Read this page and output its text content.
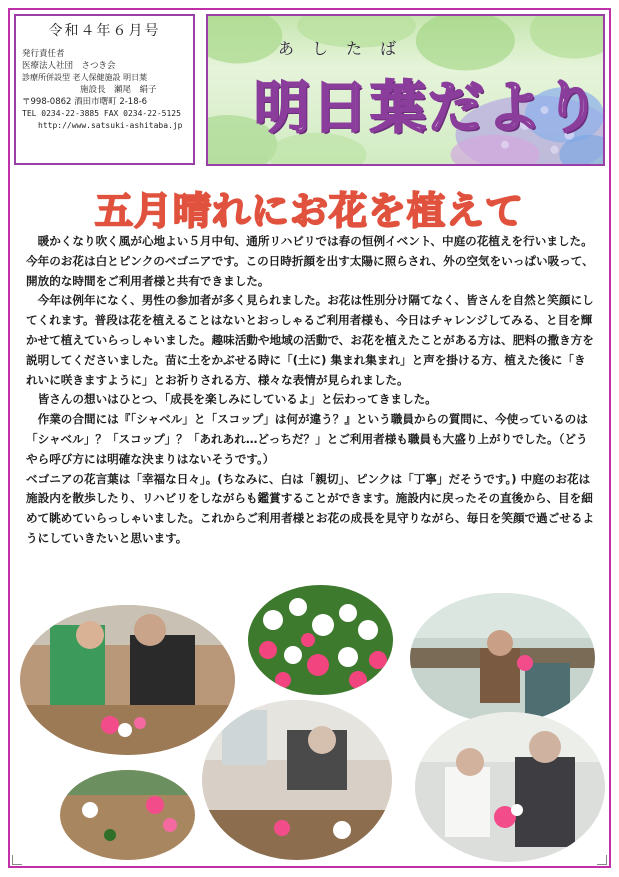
令和４年６月号
発行責任者
医療法人社団　さつき会
診療所併設型 老人保健施設 明日葉
施設長　瀬尾　絹子
〒998-0862 酒田市曙町 2-18-6
TEL 0234-22-3885 FAX 0234-22-5125
http://www.satsuki-ashitaba.jp
あしたば
明日葉だより
五月晴れにお花を植えて

暖かくなり吹く風が心地よい５月中旬、通所リハビリでは春の恒例イベント、中庭の花植えを行いました。今年のお花は白とピンクのベゴニアです。この日時折顔を出す太陽に照らされ、外の空気をいっぱい吸って、開放的な時間をご利用者様と共有できました。

今年は例年になく、男性の参加者が多く見られました。お花は性別分け隔てなく、皆さんを自然と笑顔にしてくれます。普段は花を植えることはないとおっしゃるご利用者様も、今日はチャレンジしてみる、と目を輝かせて植えていらっしゃいました。趣味活動や地域の活動で、お花を植えたことがある方は、肥料の撒き方を説明してくださいました。苗に土をかぶせる時に「(土に) 集まれ集まれ」と声を掛ける方、植えた後に「きれいに咲きますように」とお祈りされる方、様々な表情が見られました。

皆さんの想いはひとつ、「成長を楽しみにしているよ」と伝わってきました。

作業の合間には『「シャベル」と「スコップ」は何が違う？』という職員からの質問に、今使っているのは「シャベル」？「スコップ」？「あれあれ…どっちだ？」とご利用者様も職員も大盛り上がりでした。（どうやら呼び方には明確な決まりはないそうです。）

ベゴニアの花言葉は「幸福な日々」。(ちなみに、白は「親切」、ピンクは「丁寧」だそうです。) 中庭のお花は施設内を散歩したり、リハビリをしながらも鑑賞することができます。施設内に戻ったその直後から、目を細めて眺めていらっしゃいました。これからご利用者様とお花の成長を見守りながら、毎日を笑顔で過ごせるようにしていきたいと思います。
